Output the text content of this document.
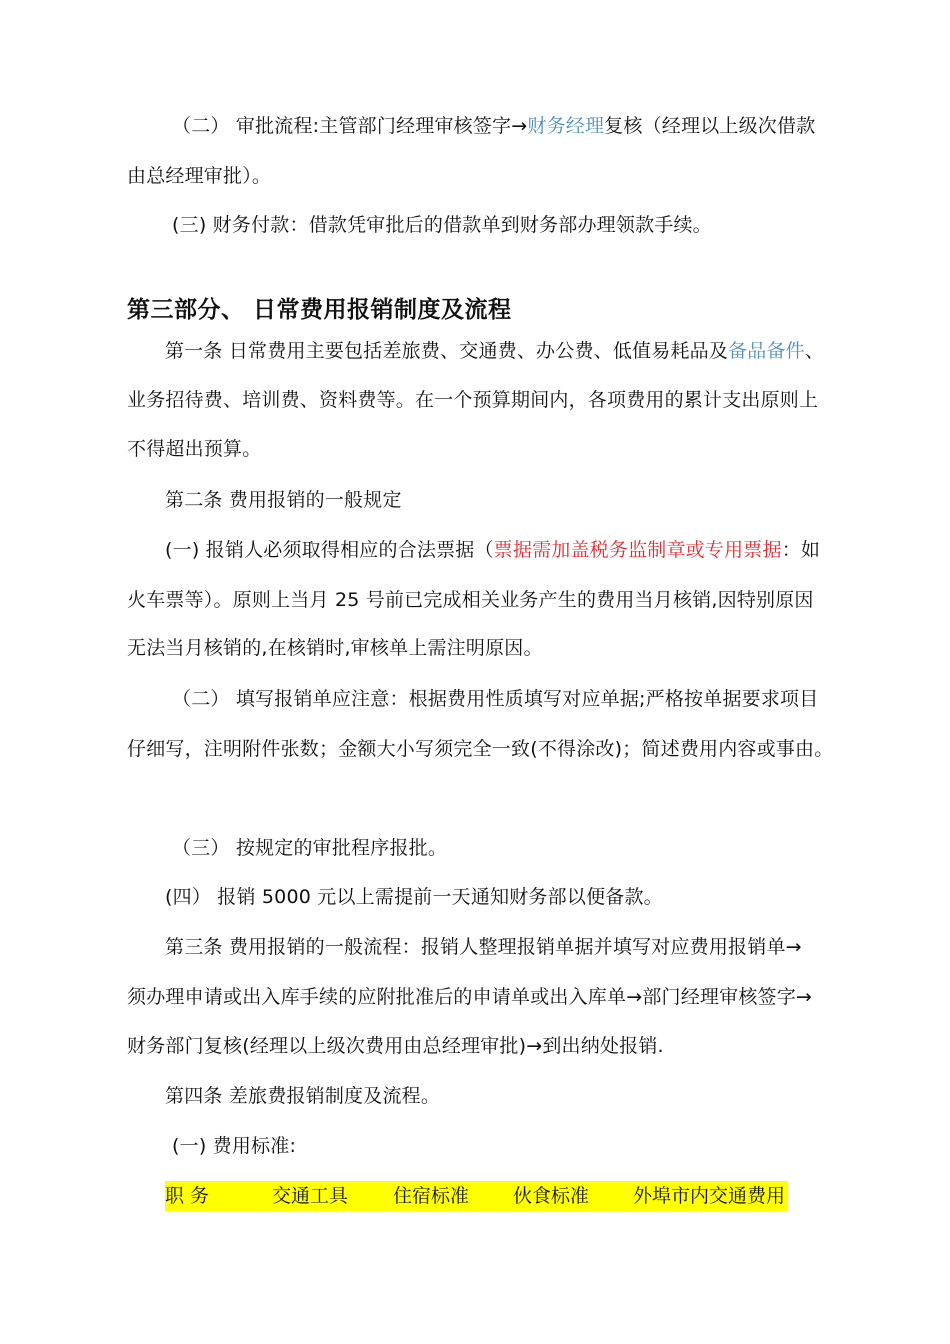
（二） 审批流程:主管部门经理审核签字→财务经理复核（经理以上级次借款
由总经理审批）。
(三) 财务付款：借款凭审批后的借款单到财务部办理领款手续。
第三部分、 日常费用报销制度及流程
第一条 日常费用主要包括差旅费、交通费、办公费、低值易耗品及备品备件、
业务招待费、培训费、资料费等。在一个预算期间内，各项费用的累计支出原则上
不得超出预算。
第二条 费用报销的一般规定
(一) 报销人必须取得相应的合法票据（票据需加盖税务监制章或专用票据：如
火车票等）。原则上当月 25 号前已完成相关业务产生的费用当月核销,因特别原因
无法当月核销的,在核销时,审核单上需注明原因。
（二） 填写报销单应注意：根据费用性质填写对应单据;严格按单据要求项目
仔细写，注明附件张数；金额大小写须完全一致(不得涂改)；简述费用内容或事由。
（三） 按规定的审批程序报批。
(四） 报销 5000 元以上需提前一天通知财务部以便备款。
第三条 费用报销的一般流程：报销人整理报销单据并填写对应费用报销单→
须办理申请或出入库手续的应附批准后的申请单或出入库单→部门经理审核签字→
财务部门复核(经理以上级次费用由总经理审批)→到出纳处报销.
第四条 差旅费报销制度及流程。
(一) 费用标准:
职 务	交通工具 住宿标准 伙食标准 外埠市内交通费用
